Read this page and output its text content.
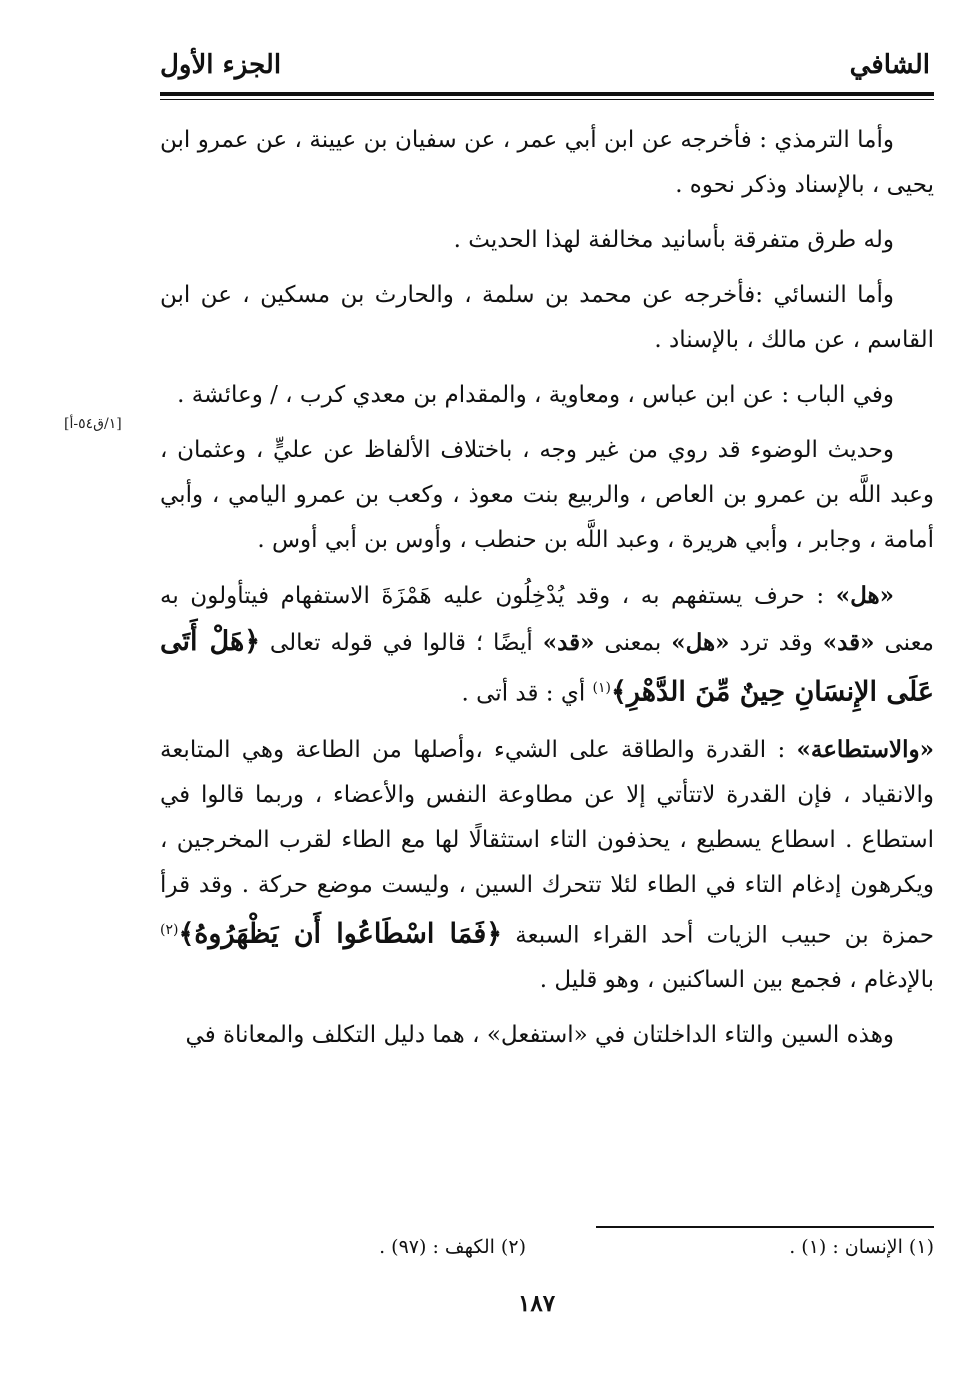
الشافي
الجزء الأول
[١/ق٥٤-أ]

وأما الترمذي : فأخرجه عن ابن أبي عمر ، عن سفيان بن عيينة ، عن عمرو ابن يحيى ، بالإسناد وذكر نحوه .

وله طرق متفرقة بأسانيد مخالفة لهذا الحديث .

وأما النسائي :فأخرجه عن محمد بن سلمة ، والحارث بن مسكين ، عن ابن القاسم ، عن مالك ، بالإسناد .

وفي الباب : عن ابن عباس ، ومعاوية ، والمقدام بن معدي كرب ، / وعائشة .

وحديث الوضوء قد روي من غير وجه ، باختلاف الألفاظ عن عليٍّ ، وعثمان ، وعبد اللَّه بن عمرو بن العاص ، والربيع بنت معوذ ، وكعب بن عمرو اليامي ، وأبي أمامة ، وجابر ، وأبي هريرة ، وعبد اللَّه بن حنطب ، وأوس بن أبي أوس .

«هل» : حرف يستفهم به ، وقد يُدْخِلُون عليه هَمْزَةَ الاستفهام فيتأولون به معنى «قد» وقد ترد «هل» بمعنى «قد» أيضًا ؛ قالوا في قوله تعالى ﴿هَلْ أَتَى عَلَى الإِنسَانِ حِينٌ مِّنَ الدَّهْرِ﴾$^{(١)}$ أي : قد أتى .

«والاستطاعة» : القدرة والطاقة على الشيء ،وأصلها من الطاعة وهي المتابعة والانقياد ، فإن القدرة لاتتأتي إلا عن مطاوعة النفس والأعضاء ، وربما قالوا في استطاع . اسطاع يسطيع ، يحذفون التاء استثقالًا لها مع الطاء لقرب المخرجين ، ويكرهون إدغام التاء في الطاء لئلا تتحرك السين ، وليست موضع حركة . وقد قرأ حمزة بن حبيب الزيات أحد القراء السبعة ﴿فَمَا اسْطَاعُوا أَن يَظْهَرُوهُ﴾$^{(٢)}$ بالإدغام ، فجمع بين الساكنين ، وهو قليل .

وهذه السين والتاء الداخلتان في «استفعل» ، هما دليل التكلف والمعاناة في

(١) الإنسان : (١) .
(٢) الكهف : (٩٧) .
١٨٧
